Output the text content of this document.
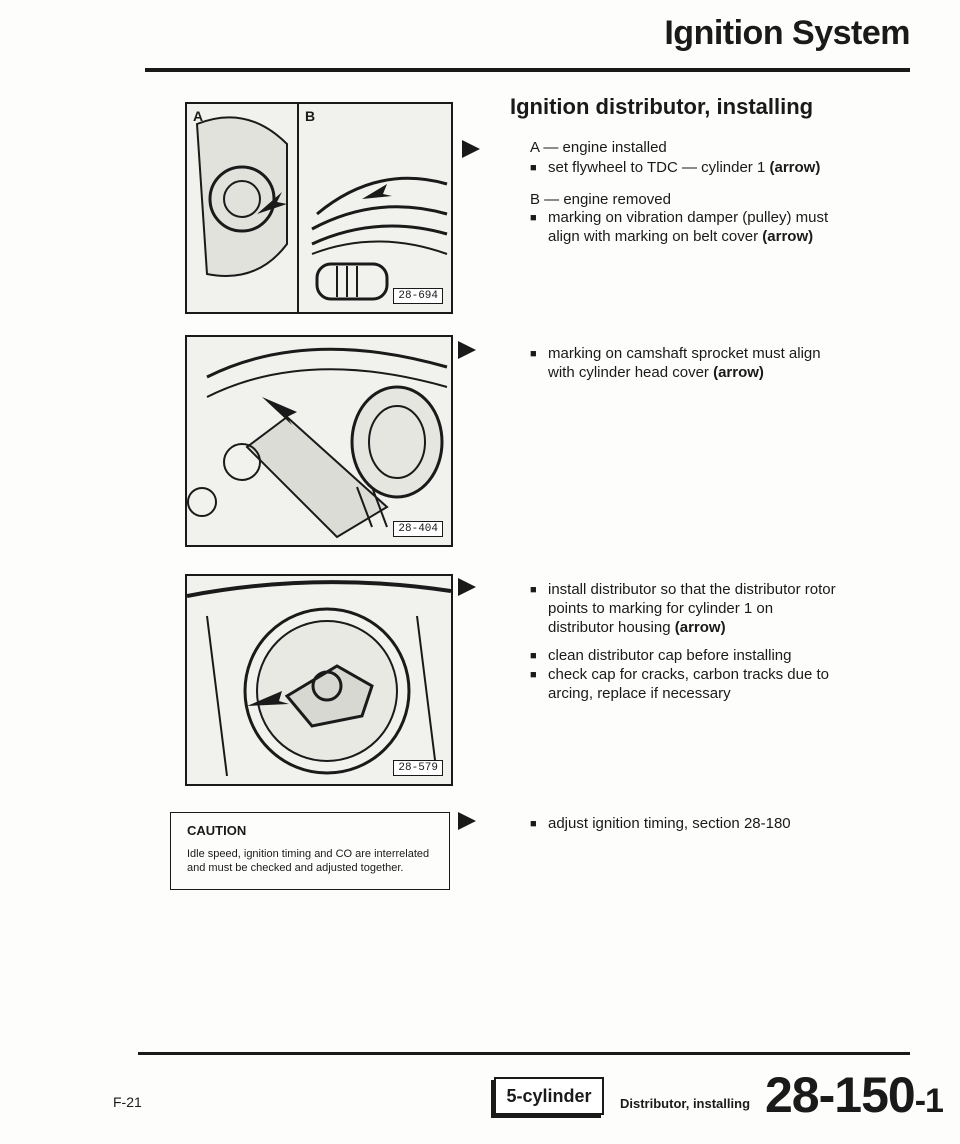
Ignition System
A	B
28-694
28-404
28-579
CAUTION
Idle speed, ignition timing and CO are interrelated and must be checked and adjusted together.
Ignition distributor, installing
A — engine installed
■ set flywheel to TDC — cylinder 1 (arrow)
B — engine removed
■ marking on vibration damper (pulley) must
align with marking on belt cover (arrow)
■ marking on camshaft sprocket must align
with cylinder head cover (arrow)
■ install distributor so that the distributor rotor
points to marking for cylinder 1 on
distributor housing (arrow)
■ clean distributor cap before installing
■ check cap for cracks, carbon tracks due to
arcing, replace if necessary
■ adjust ignition timing, section 28-180
F-21	5-cylinder	Distributor, installing 28-150-1
